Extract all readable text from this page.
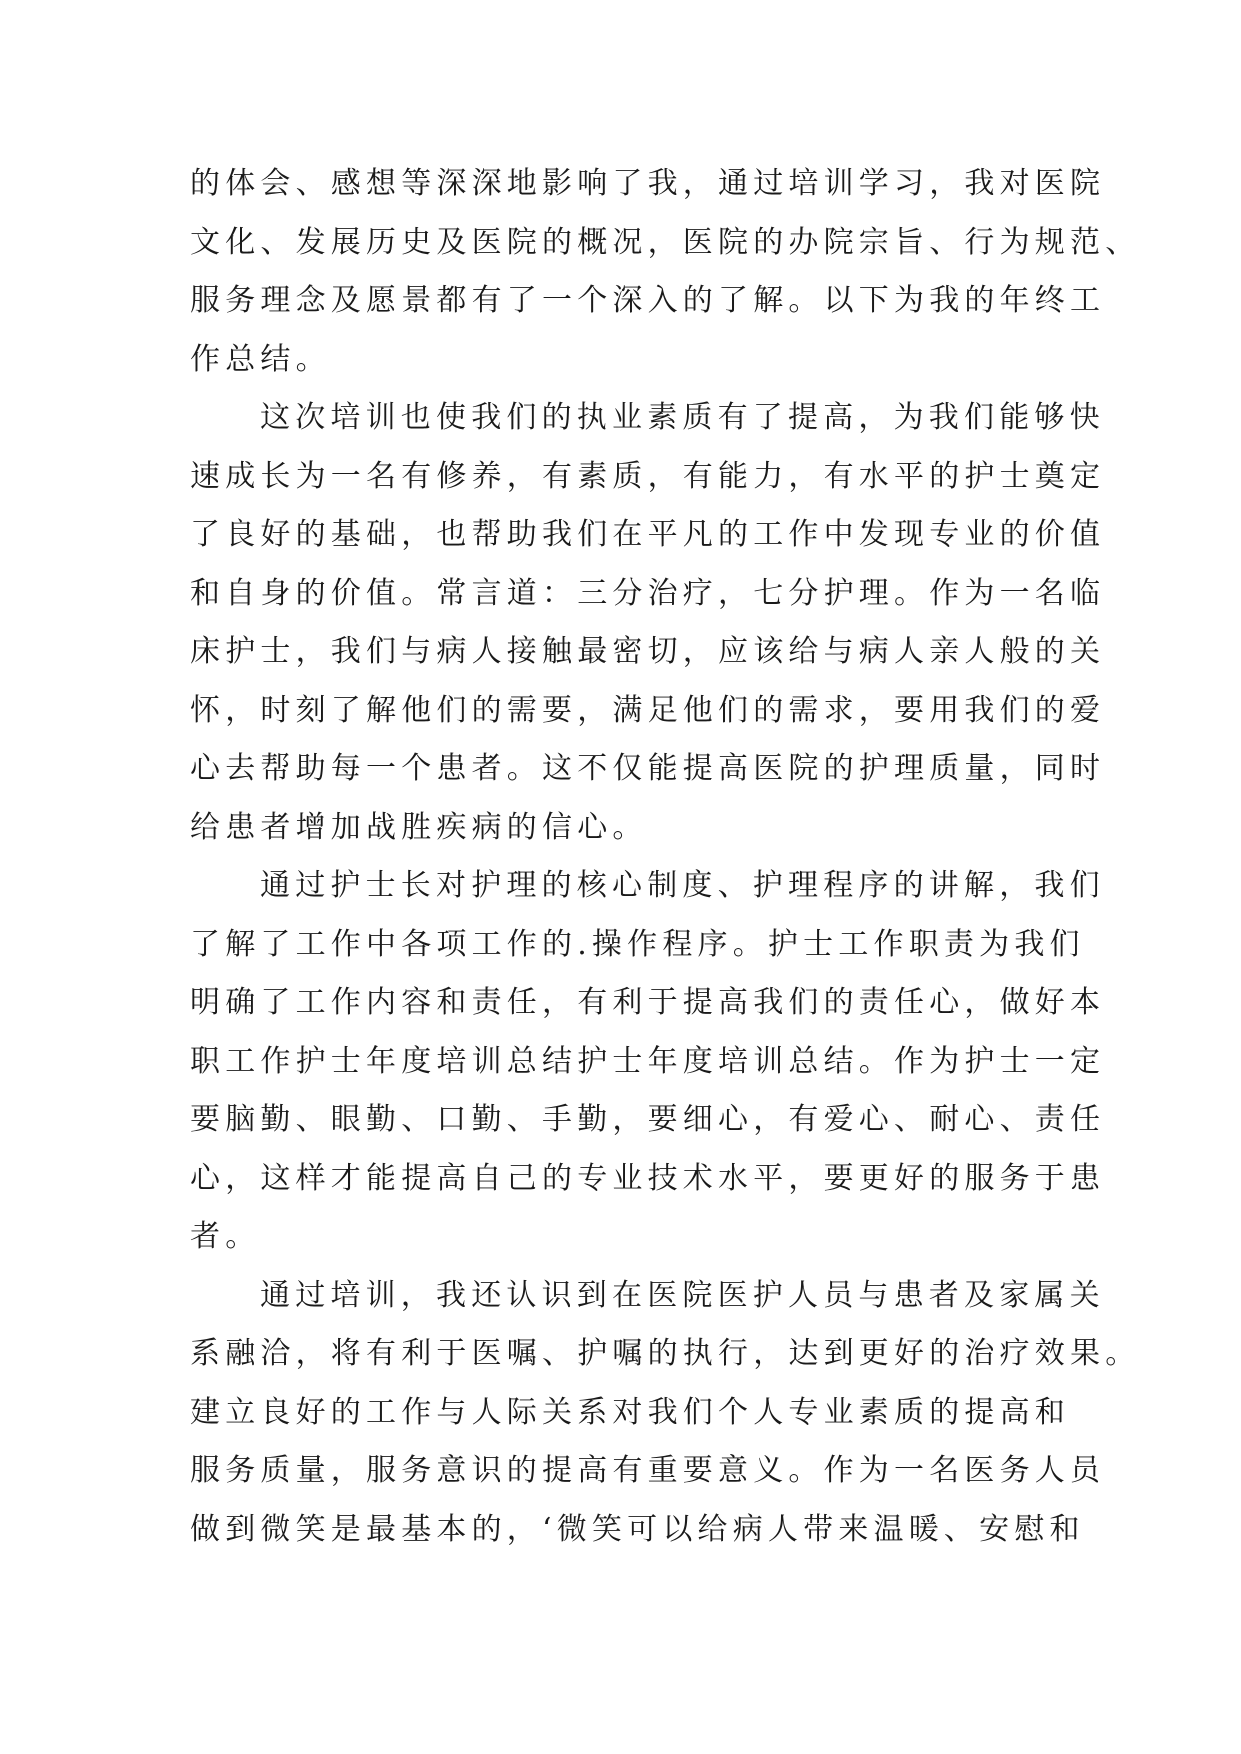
的体会、感想等深深地影响了我，通过培训学习，我对医院
文化、发展历史及医院的概况，医院的办院宗旨、行为规范、
服务理念及愿景都有了一个深入的了解。以下为我的年终工
作总结。
这次培训也使我们的执业素质有了提高，为我们能够快
速成长为一名有修养，有素质，有能力，有水平的护士奠定
了良好的基础，也帮助我们在平凡的工作中发现专业的价值
和自身的价值。常言道：三分治疗，七分护理。作为一名临
床护士，我们与病人接触最密切，应该给与病人亲人般的关
怀，时刻了解他们的需要，满足他们的需求，要用我们的爱
心去帮助每一个患者。这不仅能提高医院的护理质量，同时
给患者增加战胜疾病的信心。
通过护士长对护理的核心制度、护理程序的讲解，我们
了解了工作中各项工作的.操作程序。护士工作职责为我们
明确了工作内容和责任，有利于提高我们的责任心，做好本
职工作护士年度培训总结护士年度培训总结。作为护士一定
要脑勤、眼勤、口勤、手勤，要细心，有爱心、耐心、责任
心，这样才能提高自己的专业技术水平，要更好的服务于患
者。
通过培训，我还认识到在医院医护人员与患者及家属关
系融洽，将有利于医嘱、护嘱的执行，达到更好的治疗效果。
建立良好的工作与人际关系对我们个人专业素质的提高和
服务质量，服务意识的提高有重要意义。作为一名医务人员
做到微笑是最基本的，‘微笑可以给病人带来温暖、安慰和
